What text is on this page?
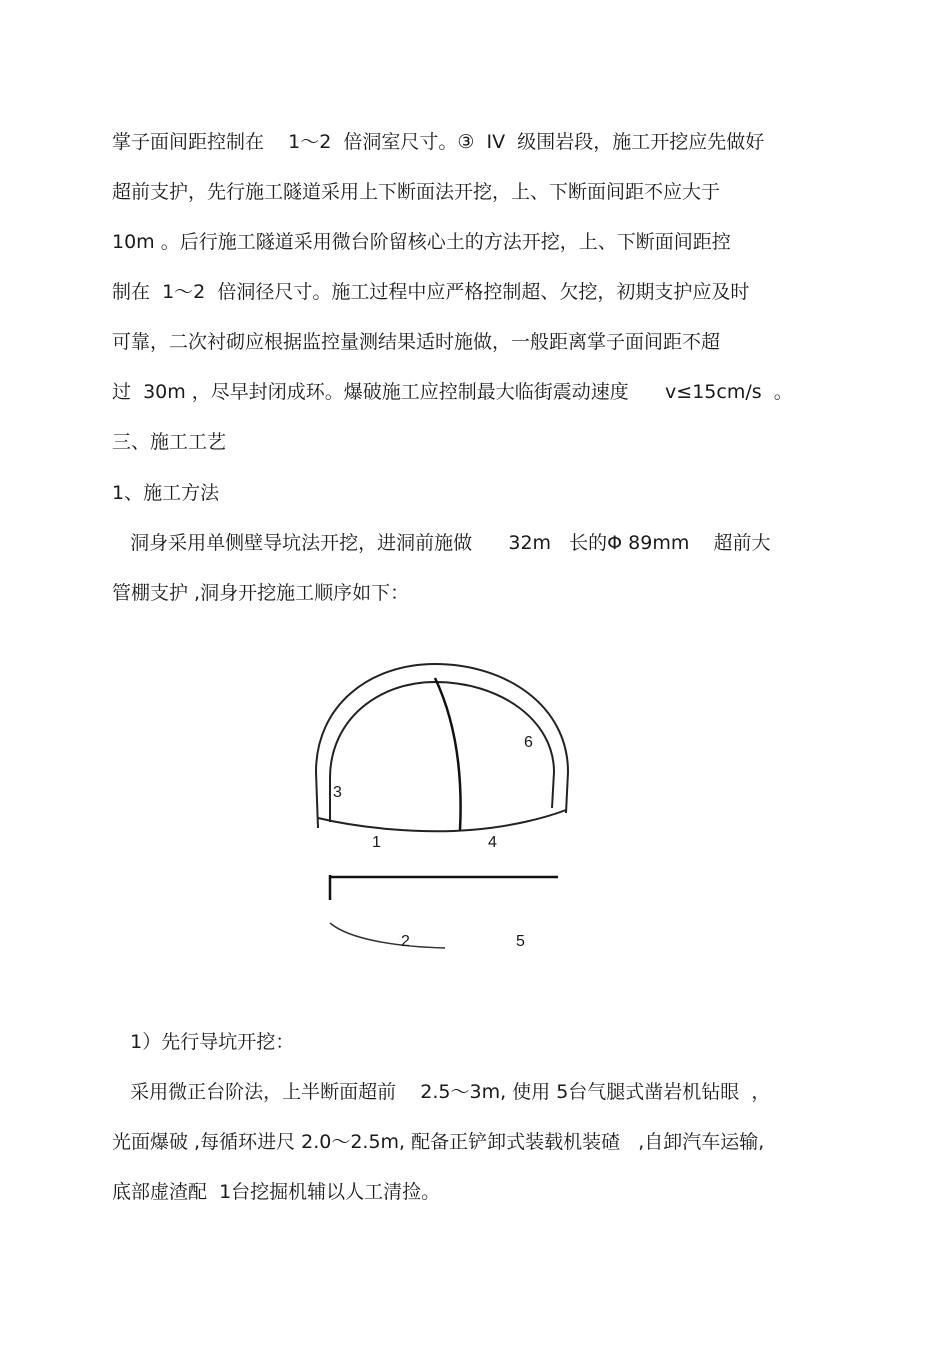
掌子面间距控制在    1～2  倍洞室尺寸。③  IV  级围岩段，施工开挖应先做好
超前支护，先行施工隧道采用上下断面法开挖，上、下断面间距不应大于
10m 。后行施工隧道采用微台阶留核心土的方法开挖，上、下断面间距控
制在  1～2  倍洞径尺寸。施工过程中应严格控制超、欠挖，初期支护应及时
可靠，二次衬砌应根据监控量测结果适时施做，一般距离掌子面间距不超
过  30m ，尽早封闭成环。爆破施工应控制最大临街震动速度      v≤15cm/s  。
三、施工工艺
1、施工方法
洞身采用单侧壁导坑法开挖，进洞前施做      32m   长的Φ 89mm    超前大
管棚支护 ,洞身开挖施工顺序如下：
3
6
1	4
2	5
1）先行导坑开挖：
采用微正台阶法，上半断面超前    2.5～3m, 使用 5台气腿式凿岩机钻眼  ，
光面爆破 ,每循环进尺 2.0～2.5m, 配备正铲卸式装载机装碴   ,自卸汽车运输,
底部虚渣配  1台挖掘机辅以人工清捡。
